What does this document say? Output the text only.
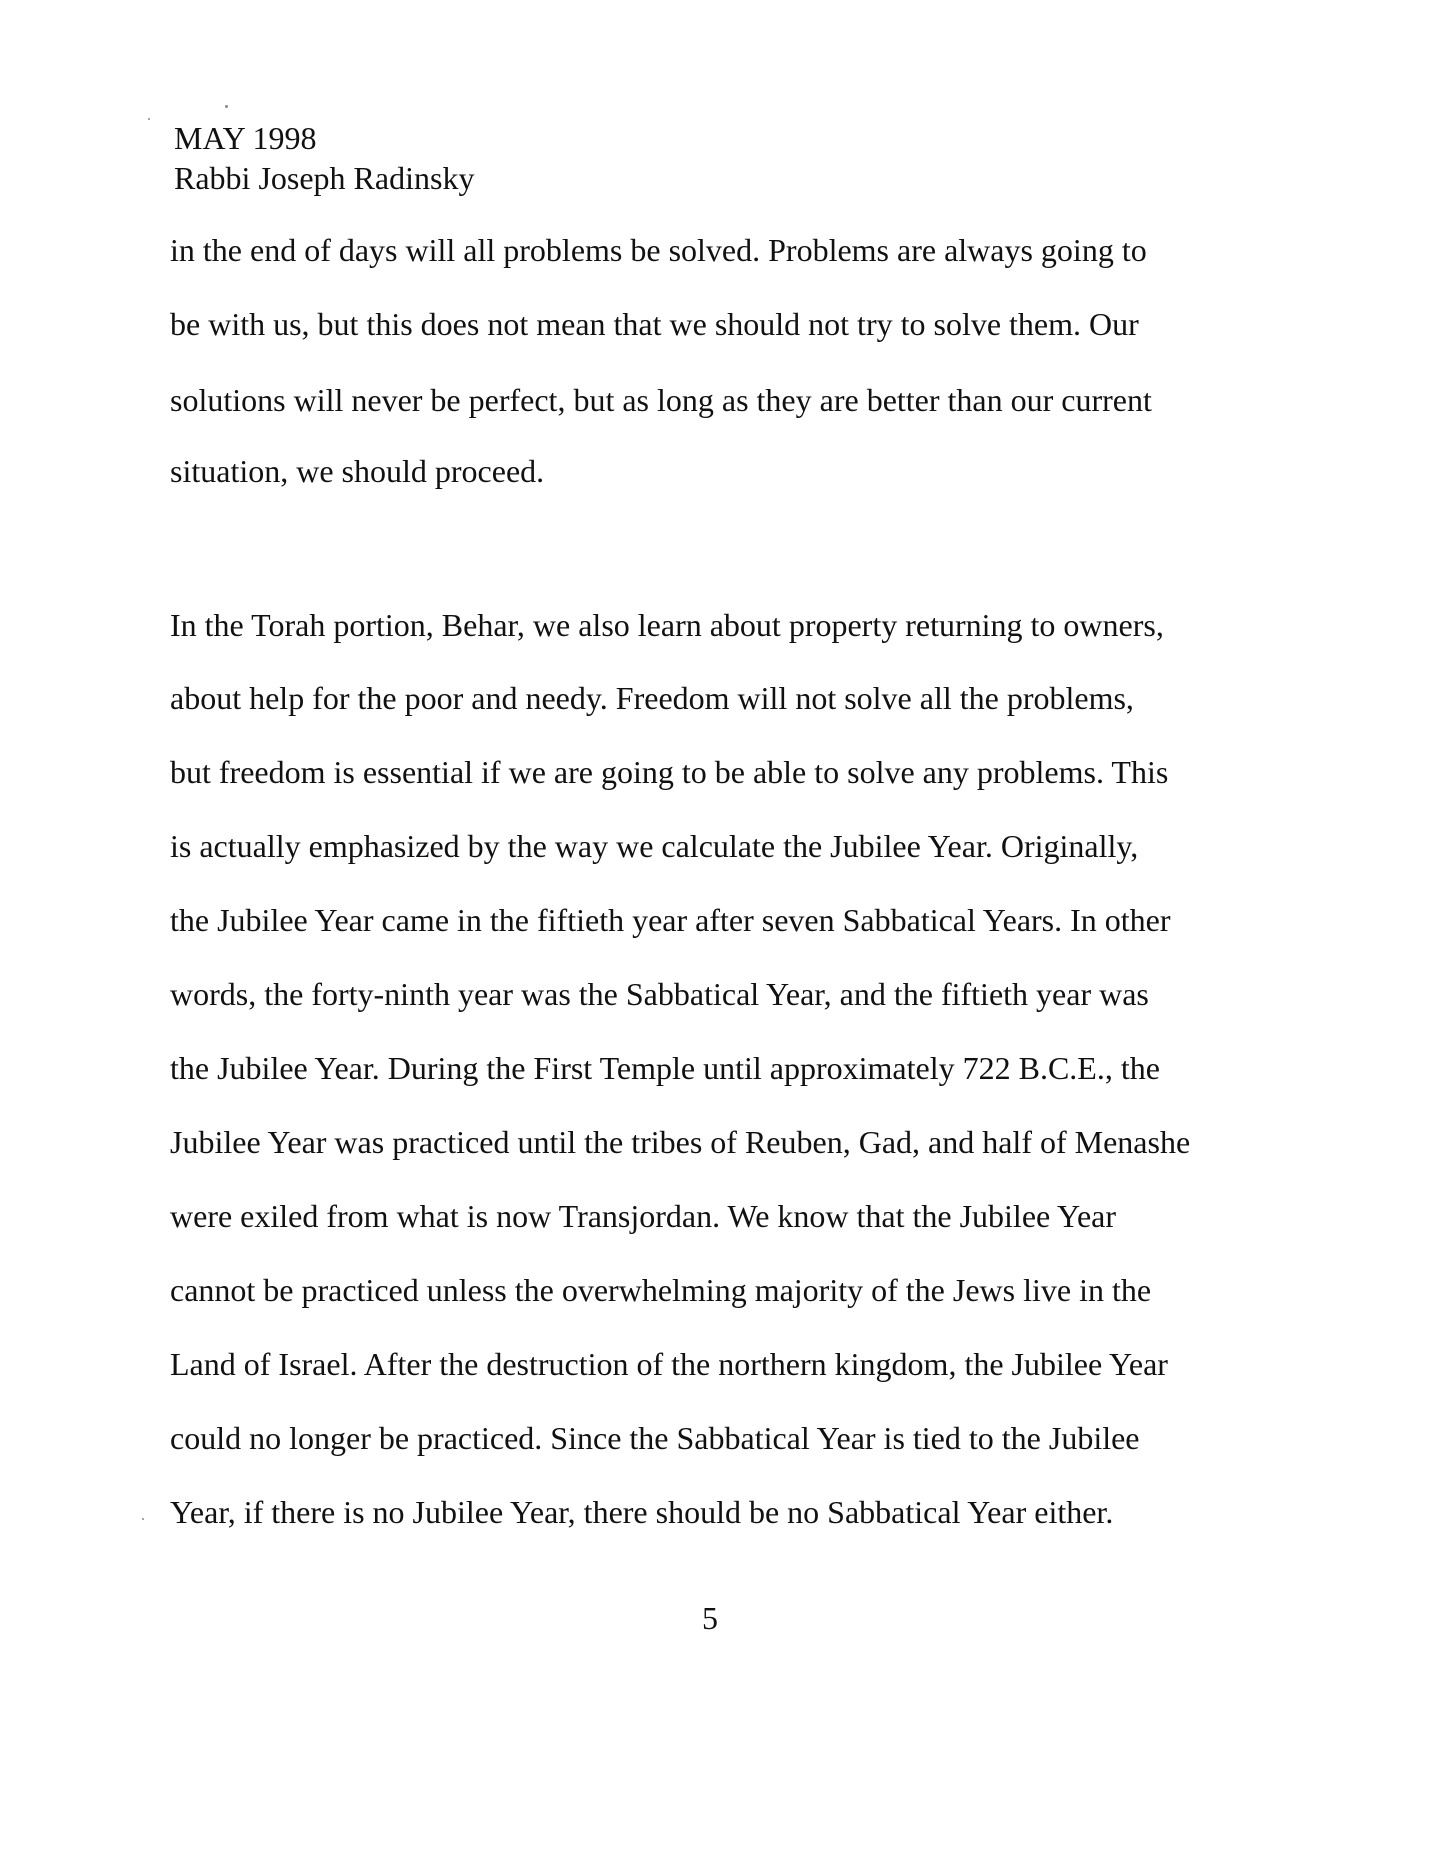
MAY 1998
Rabbi Joseph Radinsky
in the end of days will all problems be solved. Problems are always going to
be with us, but this does not mean that we should not try to solve them. Our
solutions will never be perfect, but as long as they are better than our current
situation, we should proceed.
In the Torah portion, Behar, we also learn about property returning to owners,
about help for the poor and needy. Freedom will not solve all the problems,
but freedom is essential if we are going to be able to solve any problems. This
is actually emphasized by the way we calculate the Jubilee Year. Originally,
the Jubilee Year came in the fiftieth year after seven Sabbatical Years. In other
words, the forty-ninth year was the Sabbatical Year, and the fiftieth year was
the Jubilee Year. During the First Temple until approximately 722 B.C.E., the
Jubilee Year was practiced until the tribes of Reuben, Gad, and half of Menashe
were exiled from what is now Transjordan. We know that the Jubilee Year
cannot be practiced unless the overwhelming majority of the Jews live in the
Land of Israel. After the destruction of the northern kingdom, the Jubilee Year
could no longer be practiced. Since the Sabbatical Year is tied to the Jubilee
Year, if there is no Jubilee Year, there should be no Sabbatical Year either.
5
